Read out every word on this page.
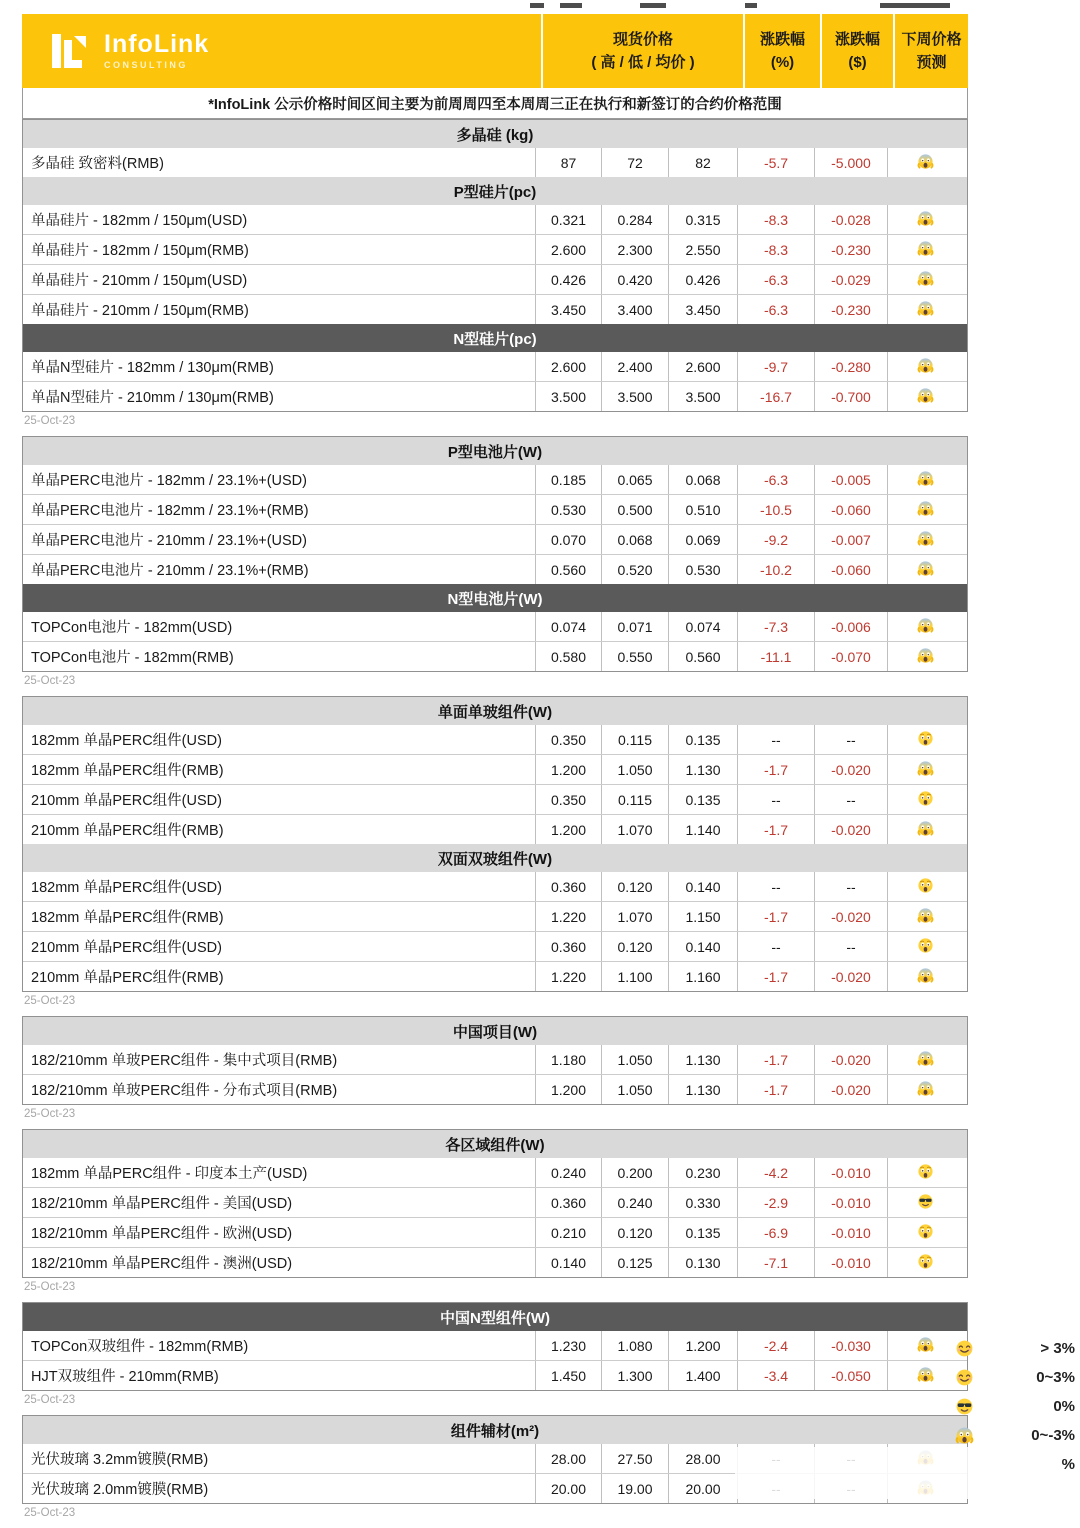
InfoLink
CONSULTING
现货价格
( 高 / 低 / 均价 )
涨跌幅
(%)
涨跌幅
($)
下周价格
预测
*InfoLink 公示价格时间区间主要为前周周四至本周周三正在执行和新签订的合约价格范围
多晶硅 (kg)
多晶硅 致密料(RMB)	87	72	82	-5.7	-5.000
P型硅片(pc)
单晶硅片 - 182mm / 150μm(USD)	0.321 0.284 0.315	-8.3	-0.028
单晶硅片 - 182mm / 150μm(RMB)	2.600 2.300 2.550	-8.3	-0.230
单晶硅片 - 210mm / 150μm(USD)	0.426 0.420 0.426	-6.3	-0.029
单晶硅片 - 210mm / 150μm(RMB)	3.450 3.400 3.450	-6.3	-0.230
N型硅片(pc)
单晶N型硅片 - 182mm / 130μm(RMB)	2.600 2.400 2.600	-9.7	-0.280
单晶N型硅片 - 210mm / 130μm(RMB)	3.500 3.500 3.500	-16.7	-0.700
25-Oct-23
P型电池片(W)
单晶PERC电池片 - 182mm / 23.1%+(USD)	0.185 0.065 0.068	-6.3	-0.005
单晶PERC电池片 - 182mm / 23.1%+(RMB)	0.530 0.500 0.510	-10.5	-0.060
单晶PERC电池片 - 210mm / 23.1%+(USD)	0.070 0.068 0.069	-9.2	-0.007
单晶PERC电池片 - 210mm / 23.1%+(RMB)	0.560 0.520 0.530	-10.2	-0.060
N型电池片(W)
TOPCon电池片 - 182mm(USD)	0.074 0.071 0.074	-7.3	-0.006
TOPCon电池片 - 182mm(RMB)	0.580 0.550 0.560	-11.1	-0.070
25-Oct-23
单面单玻组件(W)
182mm 单晶PERC组件(USD)	0.350 0.115 0.135	--	--
182mm 单晶PERC组件(RMB)	1.200 1.050 1.130	-1.7	-0.020
210mm 单晶PERC组件(USD)	0.350 0.115 0.135	--	--
210mm 单晶PERC组件(RMB)	1.200 1.070 1.140	-1.7	-0.020
双面双玻组件(W)
182mm 单晶PERC组件(USD)	0.360 0.120 0.140	--	--
182mm 单晶PERC组件(RMB)	1.220 1.070 1.150	-1.7	-0.020
210mm 单晶PERC组件(USD)	0.360 0.120 0.140	--	--
210mm 单晶PERC组件(RMB)	1.220 1.100 1.160	-1.7	-0.020
25-Oct-23
中国项目(W)
182/210mm 单玻PERC组件 - 集中式项目(RMB)	1.180 1.050 1.130	-1.7	-0.020
182/210mm 单玻PERC组件 - 分布式项目(RMB)	1.200 1.050 1.130	-1.7	-0.020
25-Oct-23
各区域组件(W)
182mm 单晶PERC组件 - 印度本土产(USD)	0.240 0.200 0.230	-4.2	-0.010
182/210mm 单晶PERC组件 - 美国(USD)	0.360 0.240 0.330	-2.9	-0.010
182/210mm 单晶PERC组件 - 欧洲(USD)	0.210 0.120 0.135	-6.9	-0.010
182/210mm 单晶PERC组件 - 澳洲(USD)	0.140 0.125 0.130	-7.1	-0.010
25-Oct-23
中国N型组件(W)
TOPCon双玻组件 - 182mm(RMB)	1.230 1.080 1.200	-2.4	-0.030
HJT双玻组件 - 210mm(RMB)	1.450 1.300 1.400	-3.4	-0.050
25-Oct-23
组件辅材(m²)
光伏玻璃 3.2mm镀膜(RMB)	28.00 27.50 28.00
光伏玻璃 2.0mm镀膜(RMB)	20.00 19.00 20.00
25-Oct-23
> 3%
0~3%
0%
0~-3%
%
